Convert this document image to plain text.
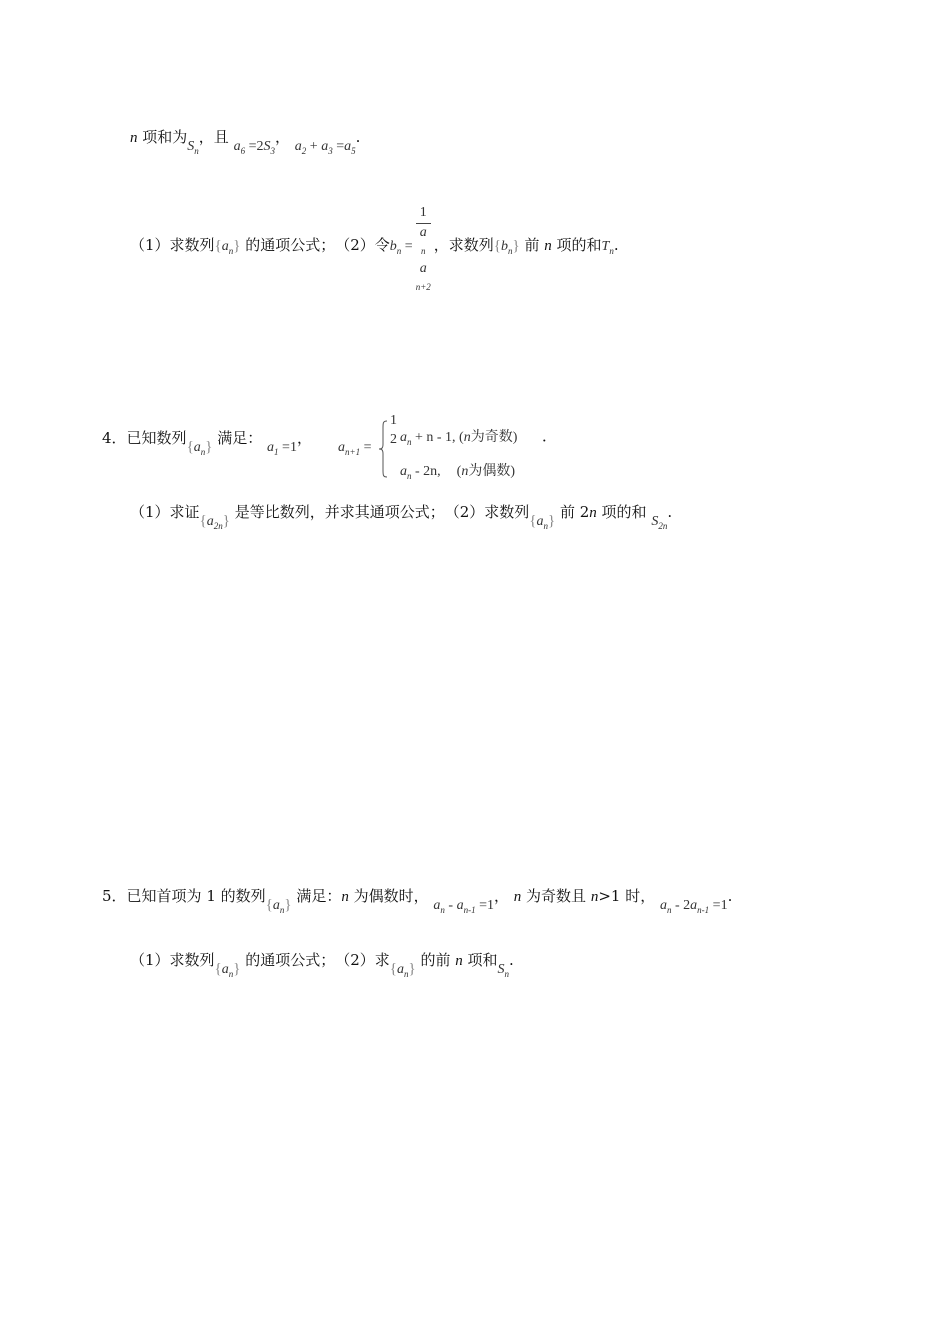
n 项和为$S_n$，且 $a_6 =2S_3$， $a_2 + a_3 =a_5$.
（1）求数列$\{a_n\}$ 的通项公式；　（2）令$b_n = 1$
a
n
a
n+2 ，求数列$\{b_n\}$ 前 n 项的和$T_n$.
4．已知数列$\{a_n\}$ 满足： $a_1 =1$，
$a_{n+1}$ =
1
2 $a_n + n - 1$, (n为奇数)
$a_n - 2n$, (n为偶数)
．
（1）求证$\{a_{2n}\}$ 是等比数列，并求其通项公式；　（2）求数列$\{a_n\}$ 前 2n 项的和 $S_{2n}$.
5．已知首项为 1 的数列$\{a_n\}$ 满足：n 为偶数时， $a_n - a_{n-1} =1$， n 为奇数且 n>1 时， $a_n - 2a_{n-1} =1$.
（1）求数列$\{a_n\}$ 的通项公式；　（2）求$\{a_n\}$ 的前 n 项和$S_n$.
